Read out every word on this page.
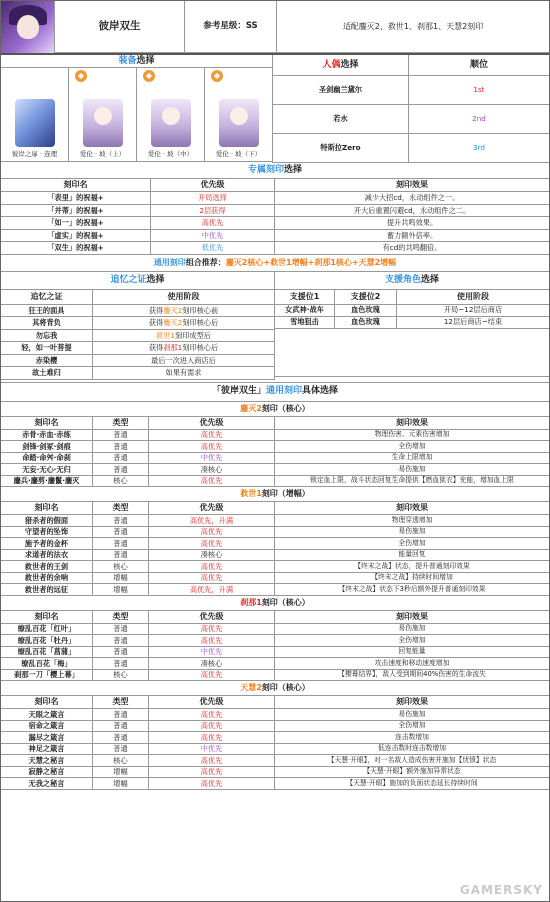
彼岸双生	参考星级：SS	适配鏖灭2、救世1、刹那1、天慧2刻印
装备 选择
彼岸之扉 · 连理
◆
爱伦 · 坡（上）
◆
爱伦 · 坡（中）
◆
爱伦 · 坡（下）
人偶 选择	顺位
圣剑幽兰黛尔	1st
若水	2nd
特斯拉Zero	3rd
专属刻印 选择
刻印名	优先级	刻印效果
「表里」的祝福+	开局选择	减少大招cd，永动组件之一。
「并蒂」的祝福+	2层获得	开大后重置闪避cd，永动组件之二。
「如一」的祝福+	高优先	提升共鸣效果。
「虚实」的祝福+	中优先	蓄力额外倍率。
「双生」的祝福+	低优先	有cd的共鸣翻倍。
通用刻印 组合推荐： 鏖灭2核心+救世1增幅+刹那1核心+天慧2增幅
追忆之证 选择
追忆之证	使用阶段
狂王的面具	获得 鏖灭2 刻印核心前
其将背负	获得 鏖灭2 刻印核心后
勿忘我	救世1 刻印成型后
轻，如一叶菩提	获得 刹那1 刻印核心后
赤染樱	最后一次进入商店后
故土难归	如果有需求
支援角色 选择
支援位1	支援位2	使用阶段
女武神·战车	血色玫瑰	开局~12层后商店
雪地狙击	血色玫瑰	12层后商店~结束
「彼岸双生」 通用刻印 具体选择
鏖灭2 刻印（核心）
刻印名	类型	优先级	刻印效果
赤骨·赤血·赤练	普通	高优先	物理伤害、元素伤害增加
剑锋·剑冢·剑痕	普通	高优先	全伤增加
命踏·命舛·命刹	普通	中优先	生命上限增加
无妄·无心·无归	普通	凑核心	易伤施加
鏖兵·鏖剪·鏖鬣·鏖灭	核心	高优先	锁定血上限，战斗状态回复生命提供【燃血狱衣】充能，增加血上限
救世1 刻印（增幅）
刻印名	类型	优先级	刻印效果
猎杀者的假面	普通	高优先，升满	物理穿透增加
守望者的坠饰	普通	高优先	易伤施加
施予者的金杯	普通	高优先	全伤增加
求道者的法衣	普通	凑核心	能量回复
救世者的王剑	核心	高优先	【终末之战】状态，提升普通刻印效果
救世者的余响	增幅	高优先	【终末之战】持续时间增加
救世者的远征	增幅	高优先，升满	【终末之战】状态下3秒后额外提升普通刻印效果
刹那1 刻印（核心）
刻印名	类型	优先级	刻印效果
缭乱百花「红叶」	普通	高优先	易伤施加
缭乱百花「牡丹」	普通	高优先	全伤增加
缭乱百花「菖蒲」	普通	中优先	回复能量
缭乱百花「梅」	普通	凑核心	攻击速度和移动速度增加
刹那一刀「樱上幕」	核心	高优先	【樱幕结界】，敌人受到期间40%伤害的生命流失
天慧2 刻印（核心）
刻印名	类型	优先级	刻印效果
天眼之箴言	普通	高优先	易伤施加
宿命之箴言	普通	高优先	全伤增加
漏尽之箴言	普通	高优先	连击数增加
神足之箴言	普通	中优先	低连击数时连击数增加
天慧之秘言	核心	高优先	【天慧·开眼】，对一名敌人造成伤害并施加【忧愤】状态
寂静之秘言	增幅	高优先	【天慧·开眼】额外施加异常状态
无我之秘言	增幅	高优先	【天慧·开眼】施加的负面状态延长持续时间
GAMERSKY
